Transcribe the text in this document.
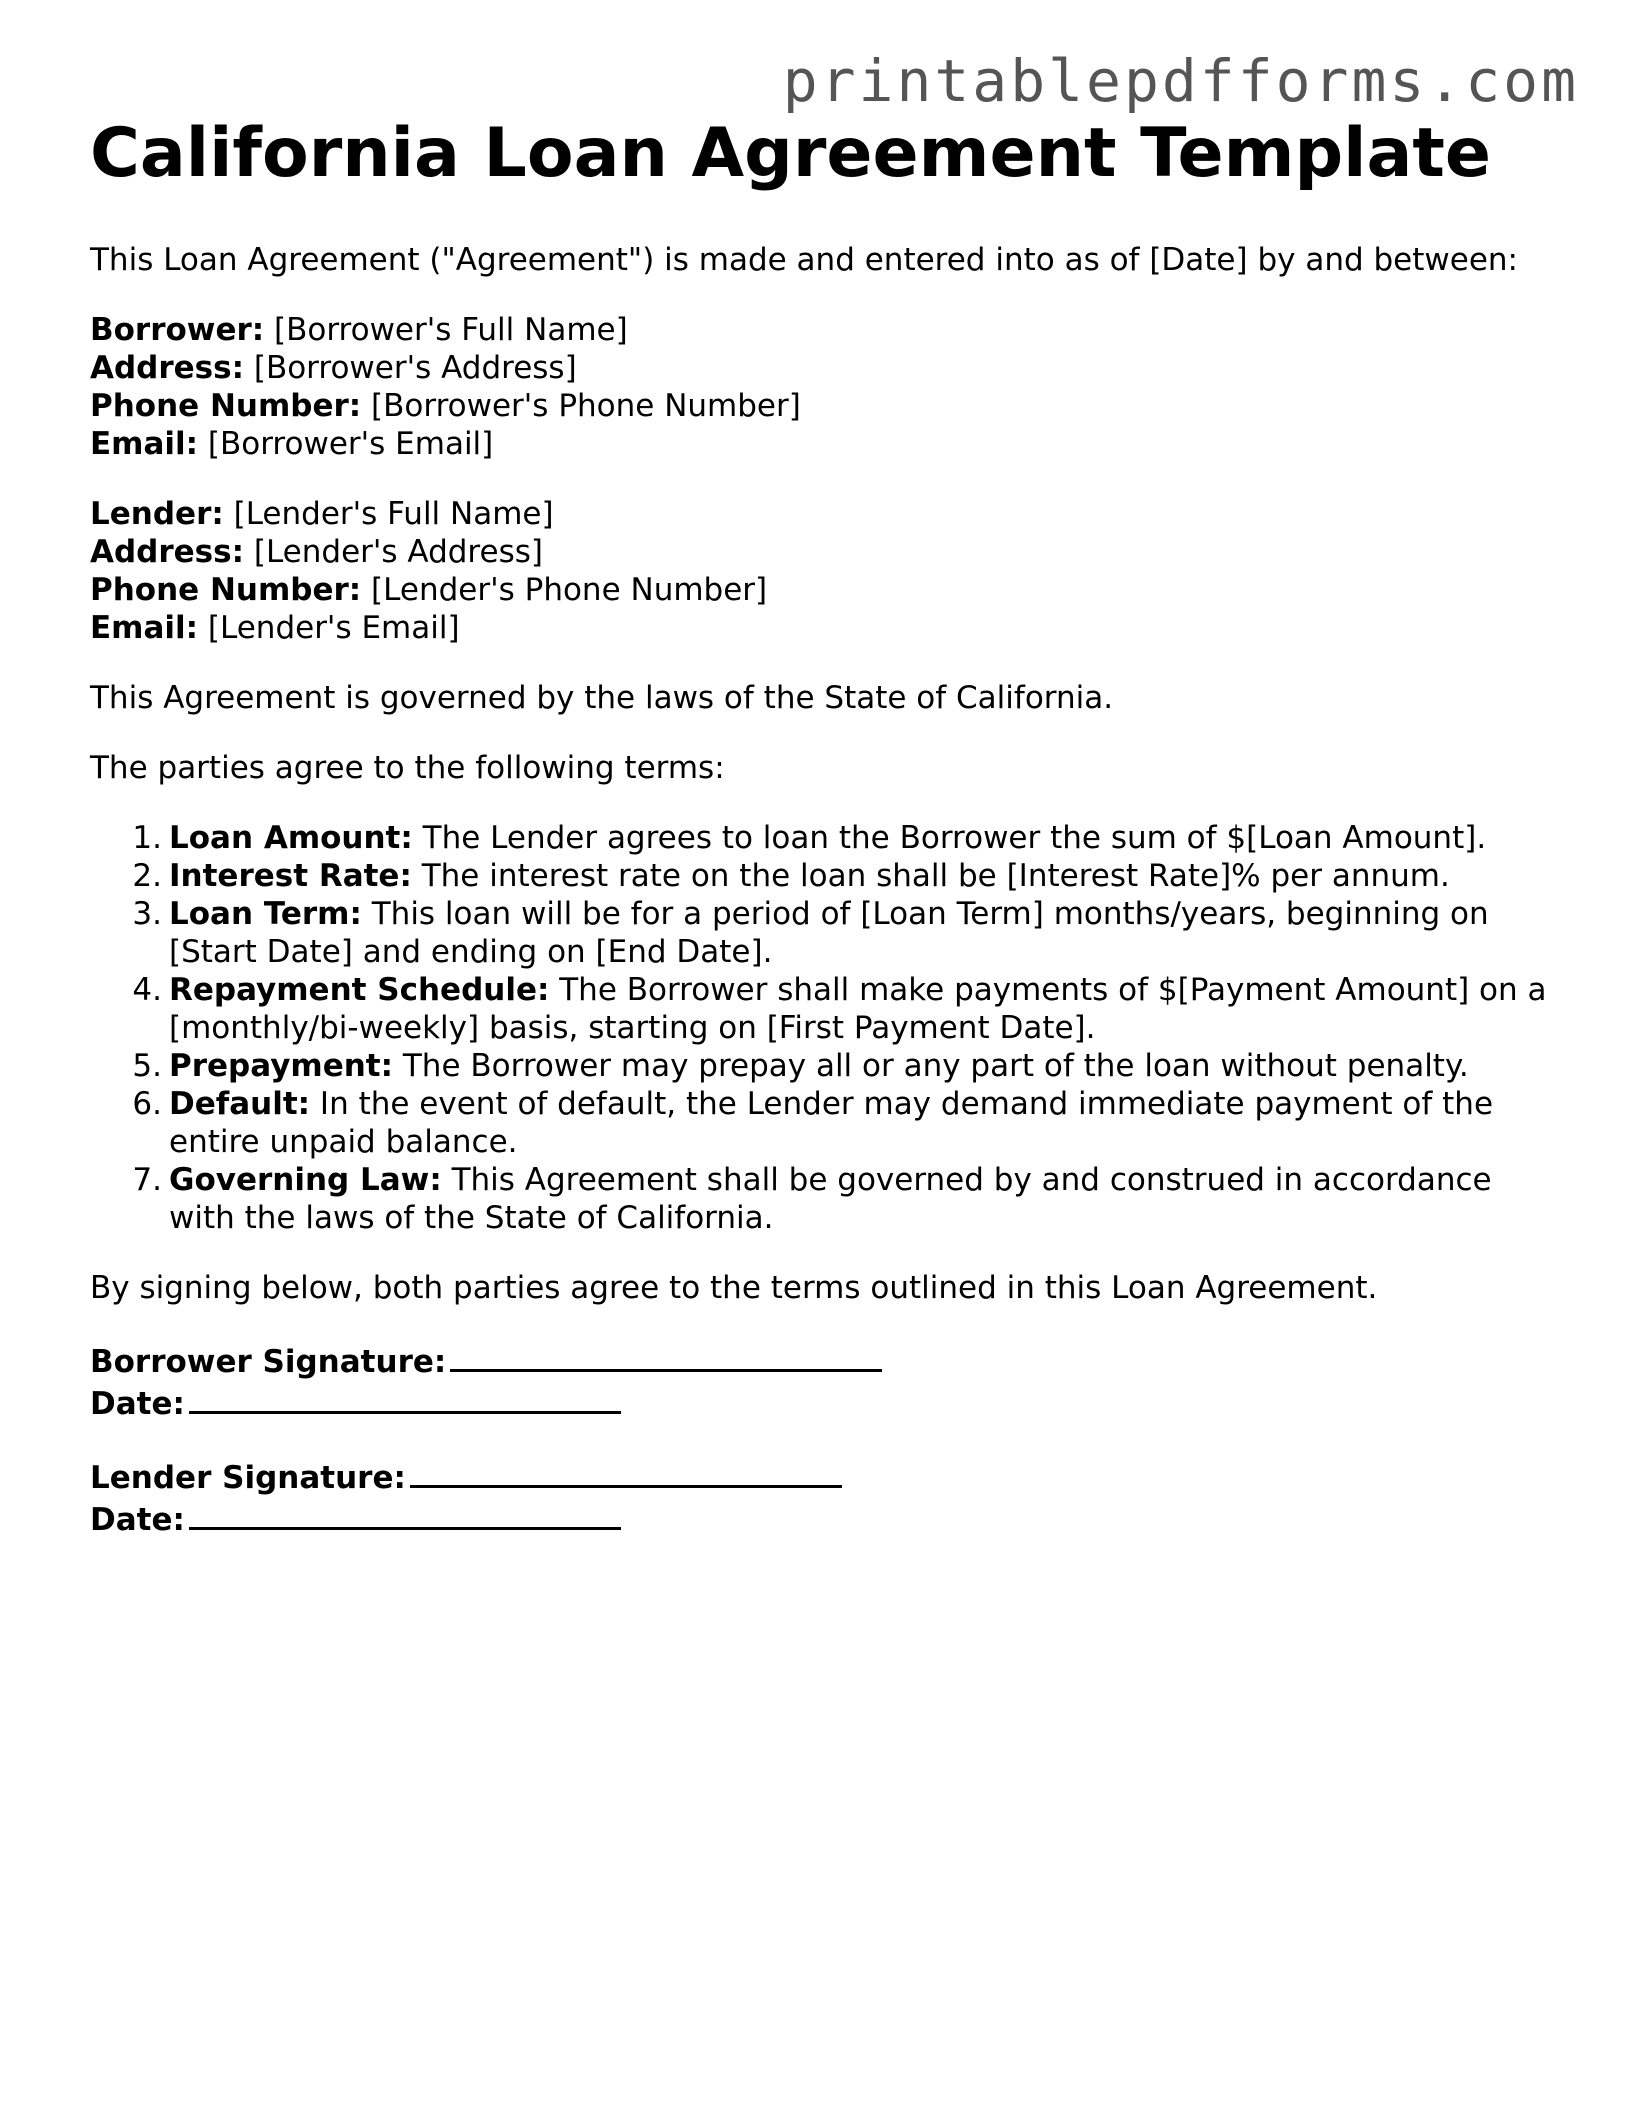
printablepdfforms.com
California Loan Agreement Template

This Loan Agreement ("Agreement") is made and entered into as of [Date] by and between:

Borrower: [Borrower's Full Name]
Address: [Borrower's Address]
Phone Number: [Borrower's Phone Number]
Email: [Borrower's Email]
Lender: [Lender's Full Name]
Address: [Lender's Address]
Phone Number: [Lender's Phone Number]
Email: [Lender's Email]

This Agreement is governed by the laws of the State of California.

The parties agree to the following terms:

1. Loan Amount: The Lender agrees to loan the Borrower the sum of $[Loan Amount].
2. Interest Rate: The interest rate on the loan shall be [Interest Rate]% per annum.
3. Loan Term: This loan will be for a period of [Loan Term] months/years, beginning on [Start Date] and ending on [End Date].
4. Repayment Schedule: The Borrower shall make payments of $[Payment Amount] on a [monthly/bi-weekly] basis, starting on [First Payment Date].
5. Prepayment: The Borrower may prepay all or any part of the loan without penalty.
6. Default: In the event of default, the Lender may demand immediate payment of the entire unpaid balance.
7. Governing Law: This Agreement shall be governed by and construed in accordance with the laws of the State of California.

By signing below, both parties agree to the terms outlined in this Loan Agreement.

Borrower Signature:
Date:
Lender Signature:
Date:
